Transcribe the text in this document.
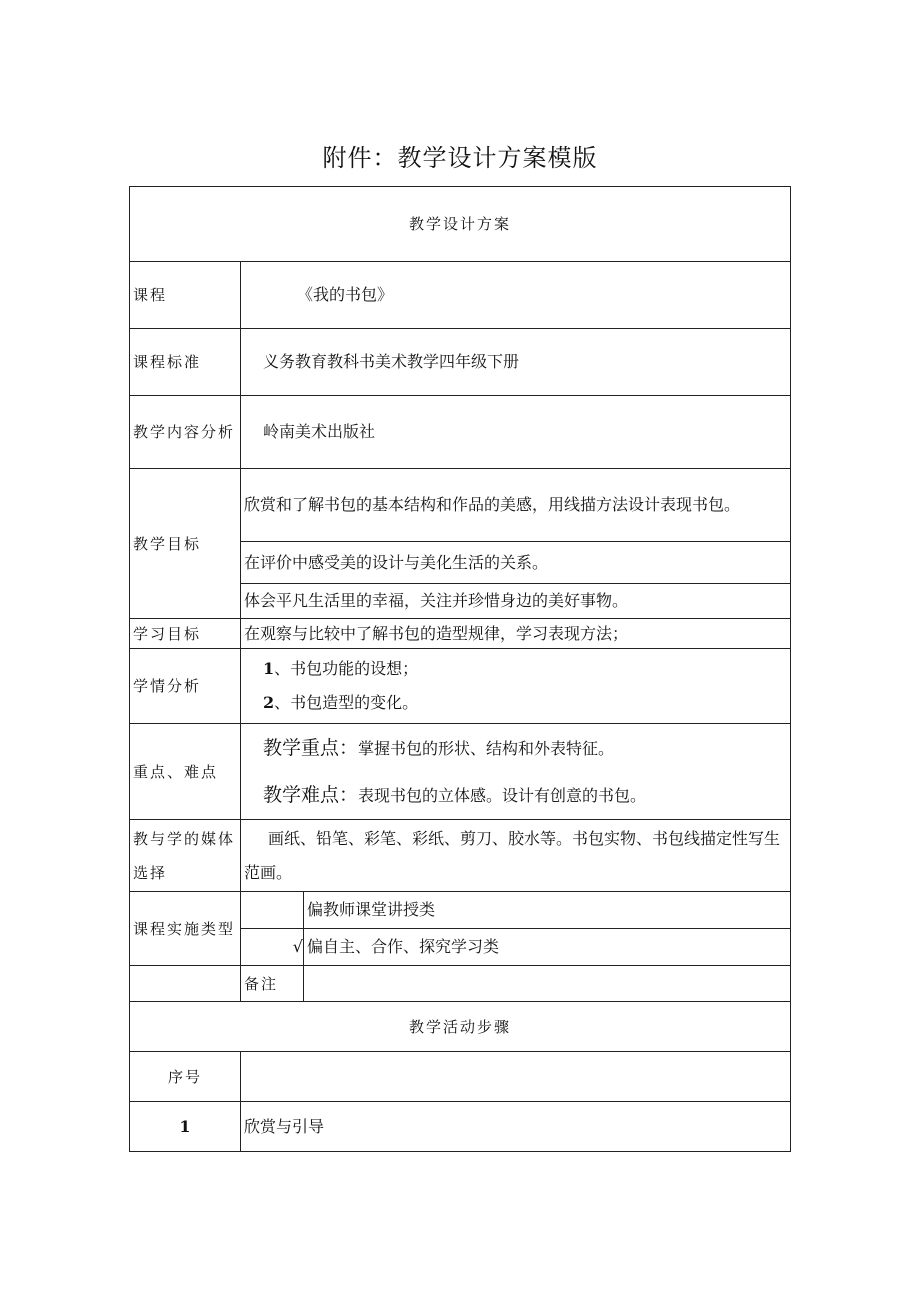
附件：教学设计方案模版
教学设计方案		
课程	《我的书包》	
课程标准	义务教育教科书美术教学四年级下册	
教学内容分析	岭南美术出版社	
教学目标	欣赏和了解书包的基本结构和作品的美感，用线描方法设计表现书包。	
	在评价中感受美的设计与美化生活的关系。	
	体会平凡生活里的幸福，关注并珍惜身边的美好事物。	
学习目标	在观察与比较中了解书包的造型规律，学习表现方法；	
学情分析	1、书包功能的设想；
2、书包造型的变化。	

重点、难点	教学重点：掌握书包的形状、结构和外表特征。
教学难点：表现书包的立体感。设计有创意的书包。	

教与学的媒体选择	画纸、铅笔、彩笔、彩纸、剪刀、胶水等。书包实物、书包线描定性写生范画。	
课程实施类型		偏教师课堂讲授类
	√	偏自主、合作、探究学习类
	备注	
教学活动步骤		
序号		
1	欣赏与引导	
